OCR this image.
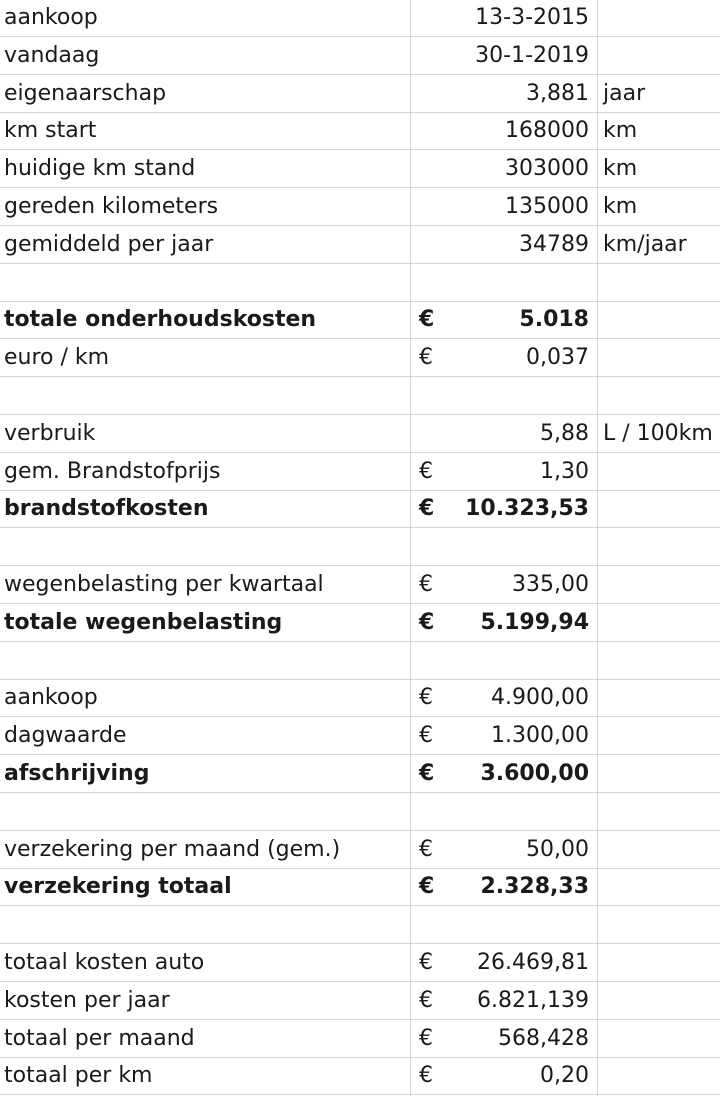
aankoop	13-3-2015
vandaag	30-1-2019
eigenaarschap	3,881 jaar
km start	168000 km
huidige km stand	303000 km
gereden kilometers	135000 km
gemiddeld per jaar	34789 km/jaar
totale onderhoudskosten	€	5.018
euro / km	€	0,037
verbruik	5,88 L / 100km
gem. Brandstofprijs	€	1,30
brandstofkosten	€	10.323,53
wegenbelasting per kwartaal	€	335,00
totale wegenbelasting	€	5.199,94
aankoop	€	4.900,00
dagwaarde	€	1.300,00
afschrijving	€	3.600,00
verzekering per maand (gem.)	€	50,00
verzekering totaal	€	2.328,33
totaal kosten auto	€	26.469,81
kosten per jaar	€	6.821,139
totaal per maand	€	568,428
totaal per km	€	0,20
